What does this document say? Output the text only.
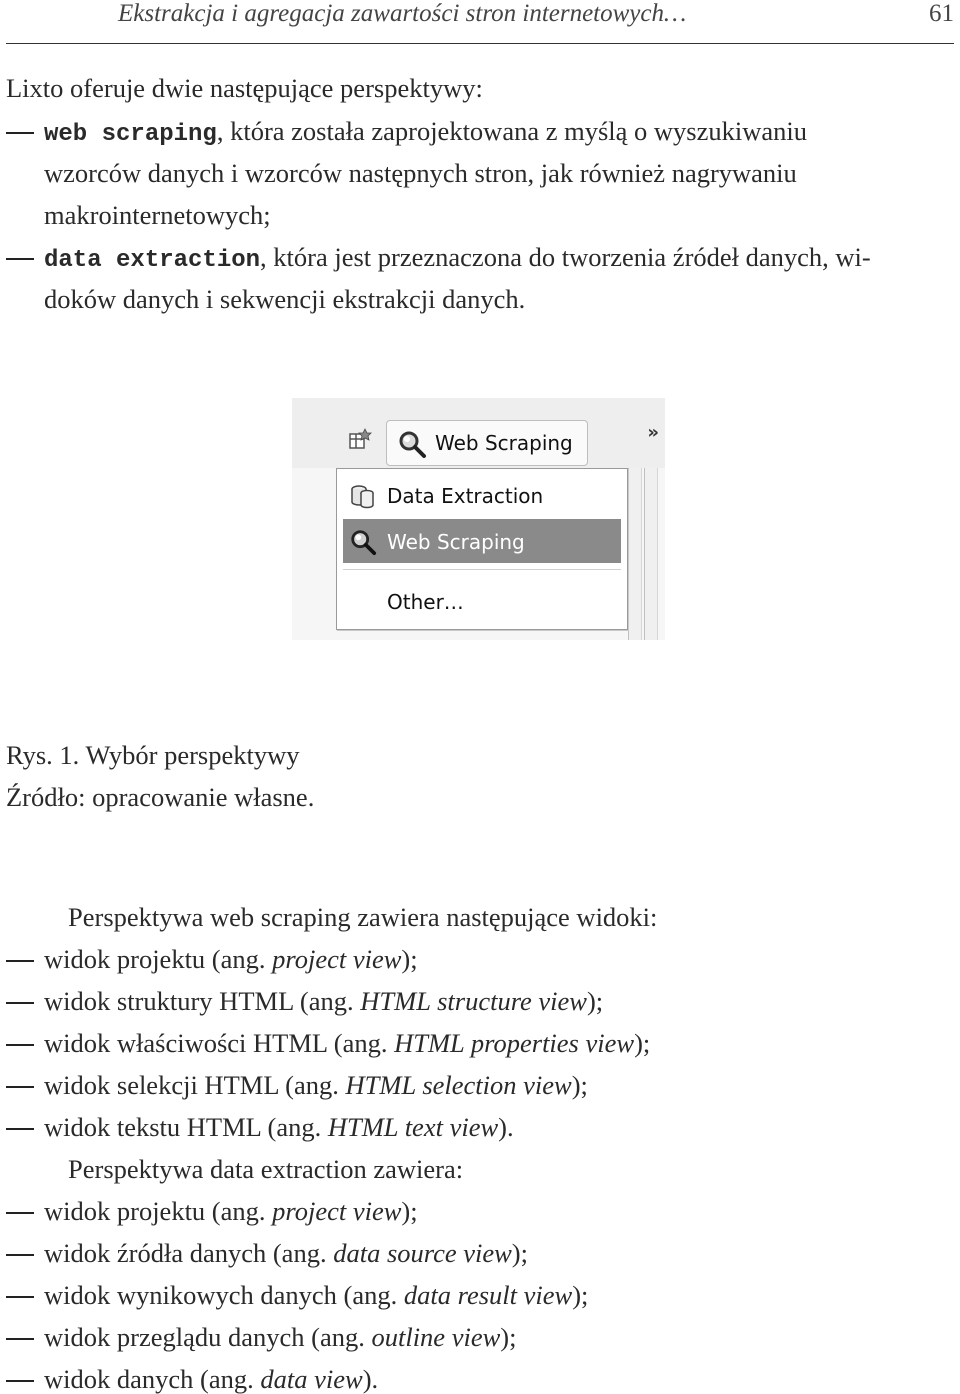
Ekstrakcja i agregacja zawartości stron internetowych…	61
Lixto oferuje dwie następujące perspektywy:
web scraping, która została zaprojektowana z myślą o wyszukiwaniu
wzorców danych i wzorców następnych stron, jak również nagrywaniu
makrointernetowych;
data extraction, która jest przeznaczona do tworzenia źródeł danych, wi-
doków danych i sekwencji ekstrakcji danych.
Web Scraping	»
Data Extraction
Web Scraping
Other…
Rys. 1. Wybór perspektywy
Źródło: opracowanie własne.
Perspektywa web scraping zawiera następujące widoki:
widok projektu (ang. project view);
widok struktury HTML (ang. HTML structure view);
widok właściwości HTML (ang. HTML properties view);
widok selekcji HTML (ang. HTML selection view);
widok tekstu HTML (ang. HTML text view).
Perspektywa data extraction zawiera:
widok projektu (ang. project view);
widok źródła danych (ang. data source view);
widok wynikowych danych (ang. data result view);
widok przeglądu danych (ang. outline view);
widok danych (ang. data view).
